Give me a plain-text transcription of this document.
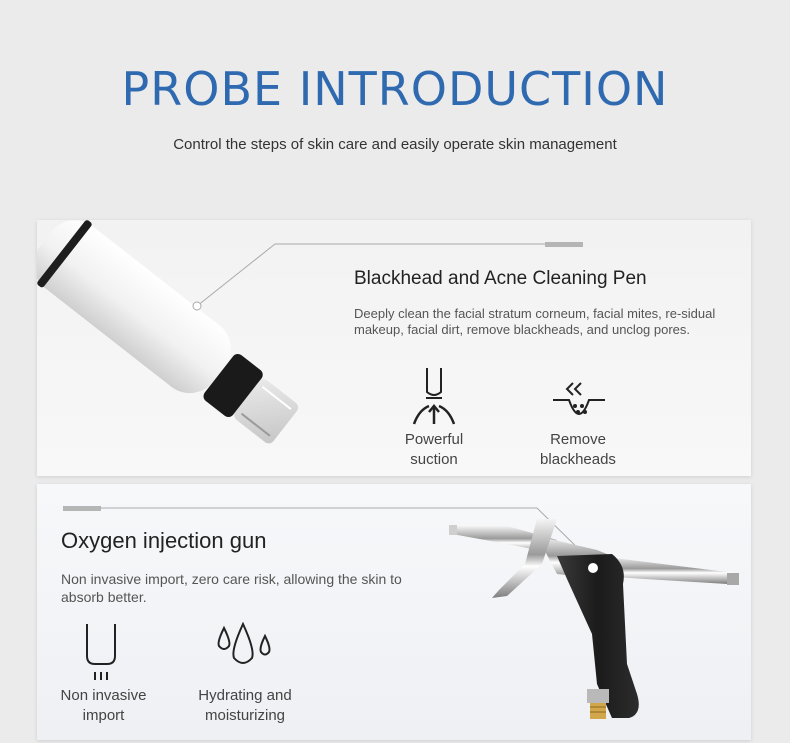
PROBE INTRODUCTION

Control the steps of skin care and easily operate skin management

Blackhead and Acne Cleaning Pen

Deeply clean the facial stratum corneum, facial mites, re-sidual makeup, facial dirt, remove blackheads, and unclog pores.

Powerful
suction
Remove
blackheads
Oxygen injection gun

Non invasive import, zero care risk, allowing the skin to absorb better.

Non invasive
import
Hydrating and
moisturizing
